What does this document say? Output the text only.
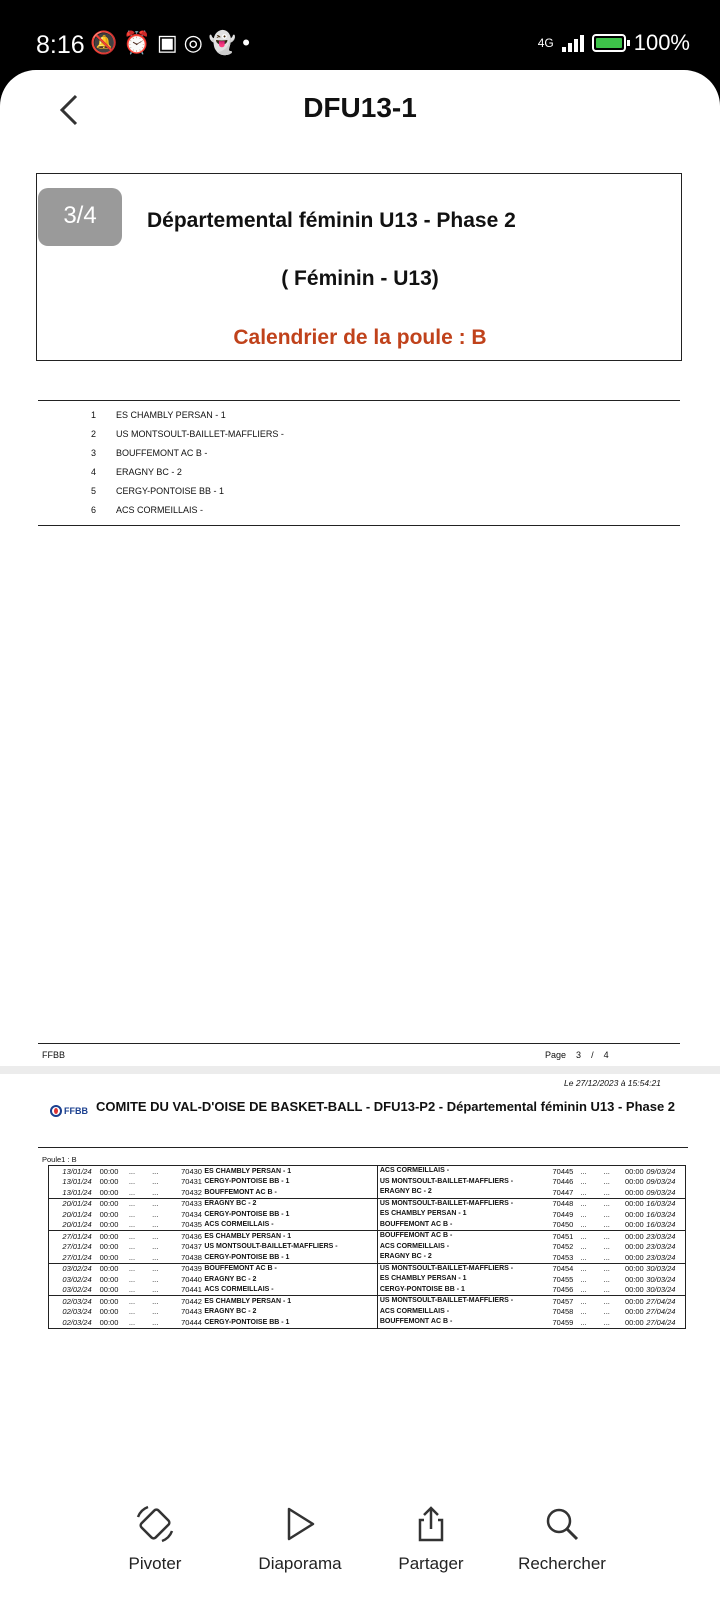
8:16 🔕⏰▣◎👻•	4G	100%
DFU13-1
3/4	Départemental féminin U13 - Phase 2
( Féminin - U13)
Calendrier de la poule : B
1	ES CHAMBLY PERSAN - 1
2	US MONTSOULT-BAILLET-MAFFLIERS -
3	BOUFFEMONT AC B -
4	ERAGNY BC - 2
5	CERGY-PONTOISE BB - 1
6	ACS CORMEILLAIS -
FFBB	Page 3 / 4
Le 27/12/2023 à 15:54:21
FFBB COMITE DU VAL-D'OISE DE BASKET-BALL - DFU13-P2 - Départemental féminin U13 - Phase 2
Poule1 : B
13/01/24	00:00	...	...	70430 ES CHAMBLY PERSAN - 1	ACS CORMEILLAIS -	70445 ...	...	00:00 09/03/24
13/01/24	00:00	...	...	70431 CERGY-PONTOISE BB - 1	US MONTSOULT-BAILLET-MAFFLIERS -	70446 ...	...	00:00 09/03/24
13/01/24	00:00	...	...	70432 BOUFFEMONT AC B -	ERAGNY BC - 2	70447 ...	...	00:00 09/03/24
20/01/24	00:00	...	...	70433 ERAGNY BC - 2	US MONTSOULT-BAILLET-MAFFLIERS -	70448 ...	...	00:00 16/03/24
20/01/24	00:00	...	...	70434 CERGY-PONTOISE BB - 1	ES CHAMBLY PERSAN - 1	70449 ...	...	00:00 16/03/24
20/01/24	00:00	...	...	70435 ACS CORMEILLAIS -	BOUFFEMONT AC B -	70450 ...	...	00:00 16/03/24
27/01/24	00:00	...	...	70436 ES CHAMBLY PERSAN - 1	BOUFFEMONT AC B -	70451 ...	...	00:00 23/03/24
27/01/24	00:00	...	...	70437 US MONTSOULT-BAILLET-MAFFLIERS -	ACS CORMEILLAIS -	70452 ...	...	00:00 23/03/24
27/01/24	00:00	...	...	70438 CERGY-PONTOISE BB - 1	ERAGNY BC - 2	70453 ...	...	00:00 23/03/24
03/02/24	00:00	...	...	70439 BOUFFEMONT AC B -	US MONTSOULT-BAILLET-MAFFLIERS -	70454 ...	...	00:00 30/03/24
03/02/24	00:00	...	...	70440 ERAGNY BC - 2	ES CHAMBLY PERSAN - 1	70455 ...	...	00:00 30/03/24
03/02/24	00:00	...	...	70441 ACS CORMEILLAIS -	CERGY-PONTOISE BB - 1	70456 ...	...	00:00 30/03/24
02/03/24	00:00	...	...	70442 ES CHAMBLY PERSAN - 1	US MONTSOULT-BAILLET-MAFFLIERS -	70457 ...	...	00:00 27/04/24
02/03/24	00:00	...	...	70443 ERAGNY BC - 2	ACS CORMEILLAIS -	70458 ...	...	00:00 27/04/24
02/03/24	00:00	...	...	70444 CERGY-PONTOISE BB - 1	BOUFFEMONT AC B -	70459 ...	...	00:00 27/04/24
Pivoter	Diaporama	Partager	Rechercher
